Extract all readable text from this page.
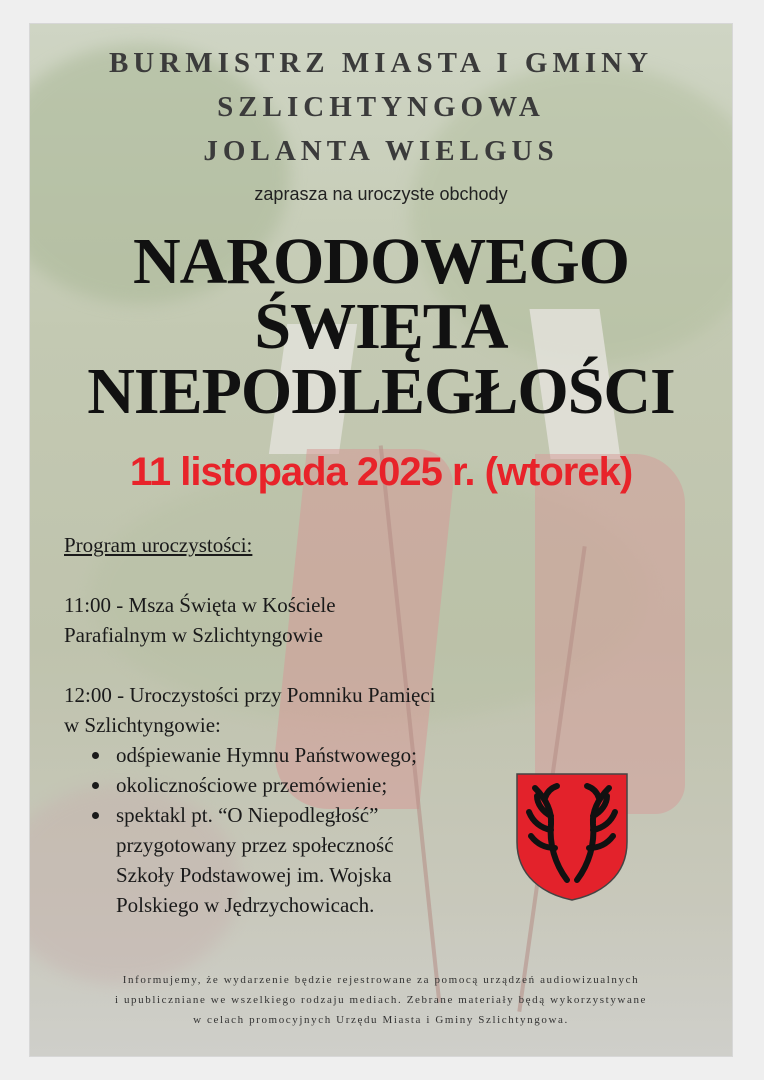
BURMISTRZ MIASTA I GMINY
SZLICHTYNGOWA
JOLANTA WIELGUS
zaprasza na uroczyste obchody
NARODOWEGO
ŚWIĘTA
NIEPODLEGŁOŚCI
11 listopada 2025 r. (wtorek)
Program uroczystości:
11:00 - Msza Święta w Kościele
Parafialnym w Szlichtyngowie
12:00 - Uroczystości przy Pomniku Pamięci
w Szlichtyngowie:
odśpiewanie Hymnu Państwowego;
okolicznościowe przemówienie;
spektakl pt. “O Niepodległość”
przygotowany przez społeczność
Szkoły Podstawowej im. Wojska
Polskiego w Jędrzychowicach.
Informujemy, że wydarzenie będzie rejestrowane za pomocą urządzeń audiowizualnych
i upubliczniane we wszelkiego rodzaju mediach. Zebrane materiały będą wykorzystywane
w celach promocyjnych Urzędu Miasta i Gminy Szlichtyngowa.
